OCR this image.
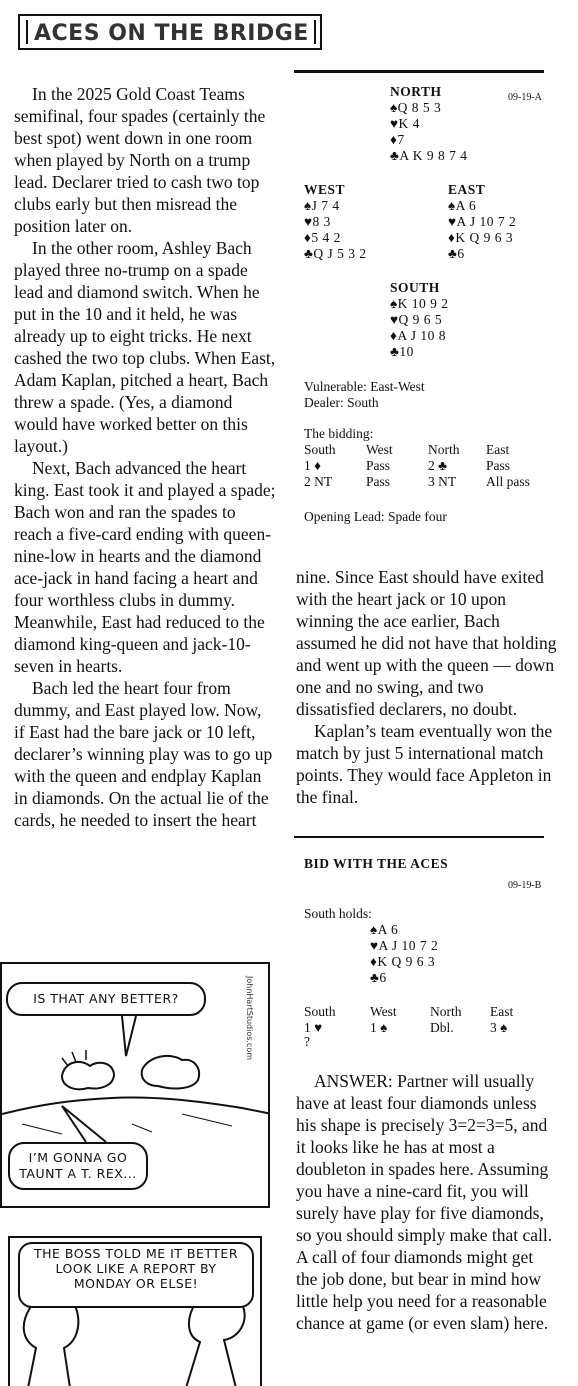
ACES ON THE BRIDGE

In the 2025 Gold Coast Teams semifinal, four spades (certainly the best spot) went down in one room when played by North on a trump lead. Declarer tried to cash two top clubs early but then misread the position later on.

In the other room, Ashley Bach played three no-trump on a spade lead and diamond switch. When he put in the 10 and it held, he was already up to eight tricks. He next cashed the two top clubs. When East, Adam Kaplan, pitched a heart, Bach threw a spade. (Yes, a diamond would have worked better on this layout.)

Next, Bach advanced the heart king. East took it and played a spade; Bach won and ran the spades to reach a five-card ending with queen-nine-low in hearts and the diamond ace-jack in hand facing a heart and four worthless clubs in dummy. Meanwhile, East had reduced to the diamond king-queen and jack-10-seven in hearts.

Bach led the heart four from dummy, and East played low. Now, if East had the bare jack or 10 left, declarer’s winning play was to go up with the queen and endplay Kaplan in diamonds. On the actual lie of the cards, he needed to insert the heart

09-19-A
NORTH
♠Q 8 5 3
♥K 4
♦7
♣A K 9 8 7 4
WEST
♠J 7 4
♥8 3
♦5 4 2
♣Q J 5 3 2
EAST
♠A 6
♥A J 10 7 2
♦K Q 9 6 3
♣6
SOUTH
♠K 10 9 2
♥Q 9 6 5
♦A J 10 8
♣10
Vulnerable: East-West
Dealer: South
The bidding:
South	West	North	East
1 ♦	Pass	2 ♣	Pass
2 NT	Pass	3 NT	All pass
Opening Lead: Spade four

nine. Since East should have exited with the heart jack or 10 upon winning the ace earlier, Bach assumed he did not have that holding and went up with the queen — down one and no swing, and two dissatisfied declarers, no doubt.

Kaplan’s team eventually won the match by just 5 international match points. They would face Appleton in the final.

BID WITH THE ACES
09-19-B
South holds:
♠A 6
♥A J 10 7 2
♦K Q 9 6 3
♣6
South	West	North	East
1 ♥	1 ♠	Dbl.	3 ♠
?

ANSWER: Partner will usually have at least four diamonds unless his shape is precisely 3=2=3=5, and it looks like he has at most a doubleton in spades here. Assuming you have a nine-card fit, you will surely have play for five diamonds, so you should simply make that call. A call of four diamonds might get the job done, but bear in mind how little help you need for a reasonable chance at game (or even slam) here.

IS THAT ANY BETTER?
I’M GONNA GO TAUNT A T. REX...
JohnHartStudios.com
THE BOSS TOLD ME IT BETTER LOOK LIKE A REPORT BY MONDAY OR ELSE!
